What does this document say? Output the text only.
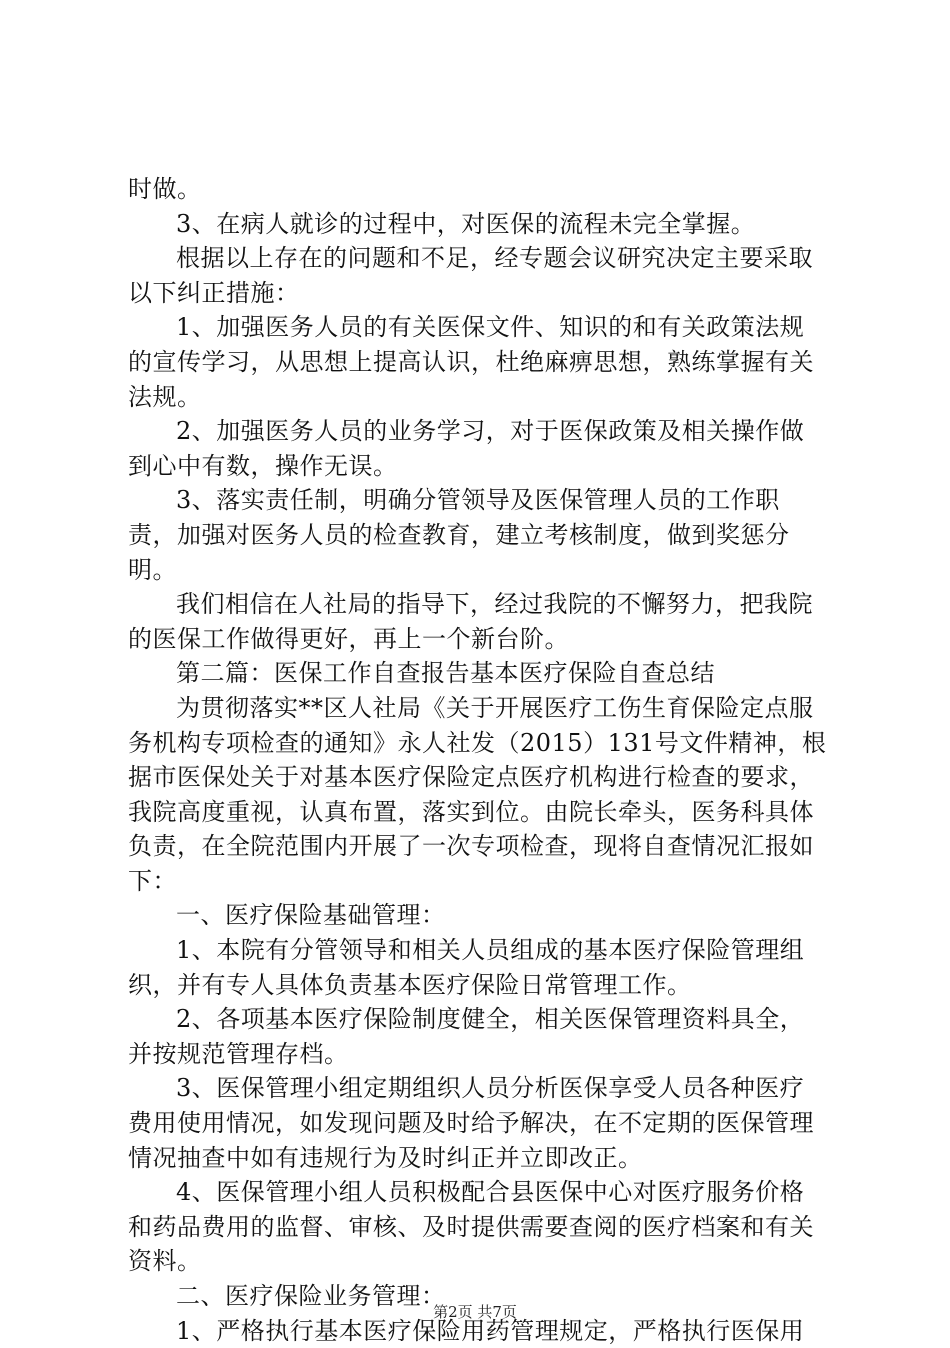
时做。

3、在病人就诊的过程中，对医保的流程未完全掌握。

根据以上存在的问题和不足，经专题会议研究决定主要采取以下纠正措施：

1、加强医务人员的有关医保文件、知识的和有关政策法规的宣传学习，从思想上提高认识，杜绝麻痹思想，熟练掌握有关法规。

2、加强医务人员的业务学习，对于医保政策及相关操作做到心中有数，操作无误。

3、落实责任制，明确分管领导及医保管理人员的工作职责，加强对医务人员的检查教育，建立考核制度，做到奖惩分明。

我们相信在人社局的指导下，经过我院的不懈努力，把我院的医保工作做得更好，再上一个新台阶。

第二篇：医保工作自查报告基本医疗保险自查总结

为贯彻落实**区人社局《关于开展医疗工伤生育保险定点服务机构专项检查的通知》永人社发（2015）131号文件精神，根据市医保处关于对基本医疗保险定点医疗机构进行检查的要求，我院高度重视，认真布置，落实到位。由院长牵头，医务科具体负责，在全院范围内开展了一次专项检查，现将自查情况汇报如下：

一、医疗保险基础管理：

1、本院有分管领导和相关人员组成的基本医疗保险管理组织，并有专人具体负责基本医疗保险日常管理工作。

2、各项基本医疗保险制度健全，相关医保管理资料具全，并按规范管理存档。

3、医保管理小组定期组织人员分析医保享受人员各种医疗费用使用情况，如发现问题及时给予解决，在不定期的医保管理情况抽查中如有违规行为及时纠正并立即改正。

4、医保管理小组人员积极配合县医保中心对医疗服务价格和药品费用的监督、审核、及时提供需要查阅的医疗档案和有关资料。

二、医疗保险业务管理：

1、严格执行基本医疗保险用药管理规定，严格执行医保用

第2页 共7页
